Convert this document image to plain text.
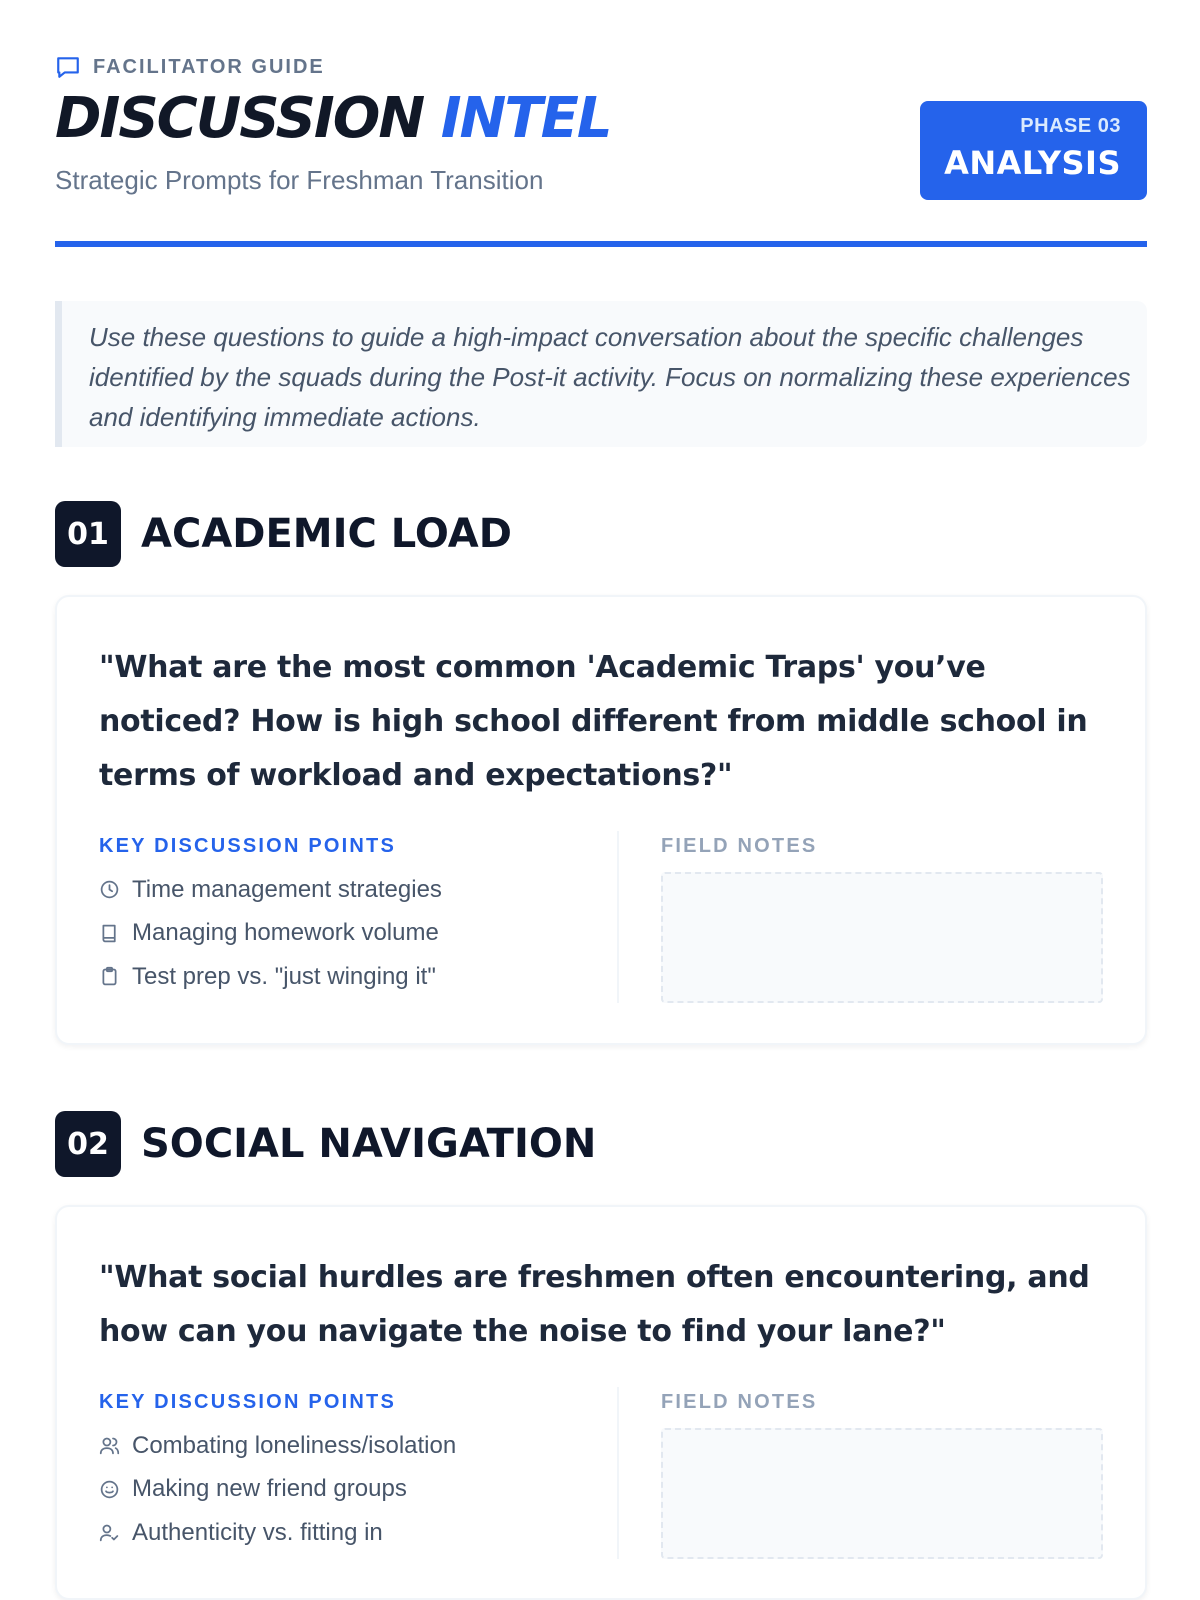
FACILITATOR GUIDE
DISCUSSION INTEL
Strategic Prompts for Freshman Transition
PHASE 03
ANALYSIS
Use these questions to guide a high-impact conversation about the specific challenges identified by the squads during the Post-it activity. Focus on normalizing these experiences and identifying immediate actions.
01 ACADEMIC LOAD
"What are the most common 'Academic Traps' you’ve noticed? How is high school different from middle school in terms of workload and expectations?"
KEY DISCUSSION POINTS
Time management strategies
Managing homework volume
Test prep vs. "just winging it"
FIELD NOTES
02 SOCIAL NAVIGATION
"What social hurdles are freshmen often encountering, and how can you navigate the noise to find your lane?"
KEY DISCUSSION POINTS
Combating loneliness/isolation
Making new friend groups
Authenticity vs. fitting in
FIELD NOTES
